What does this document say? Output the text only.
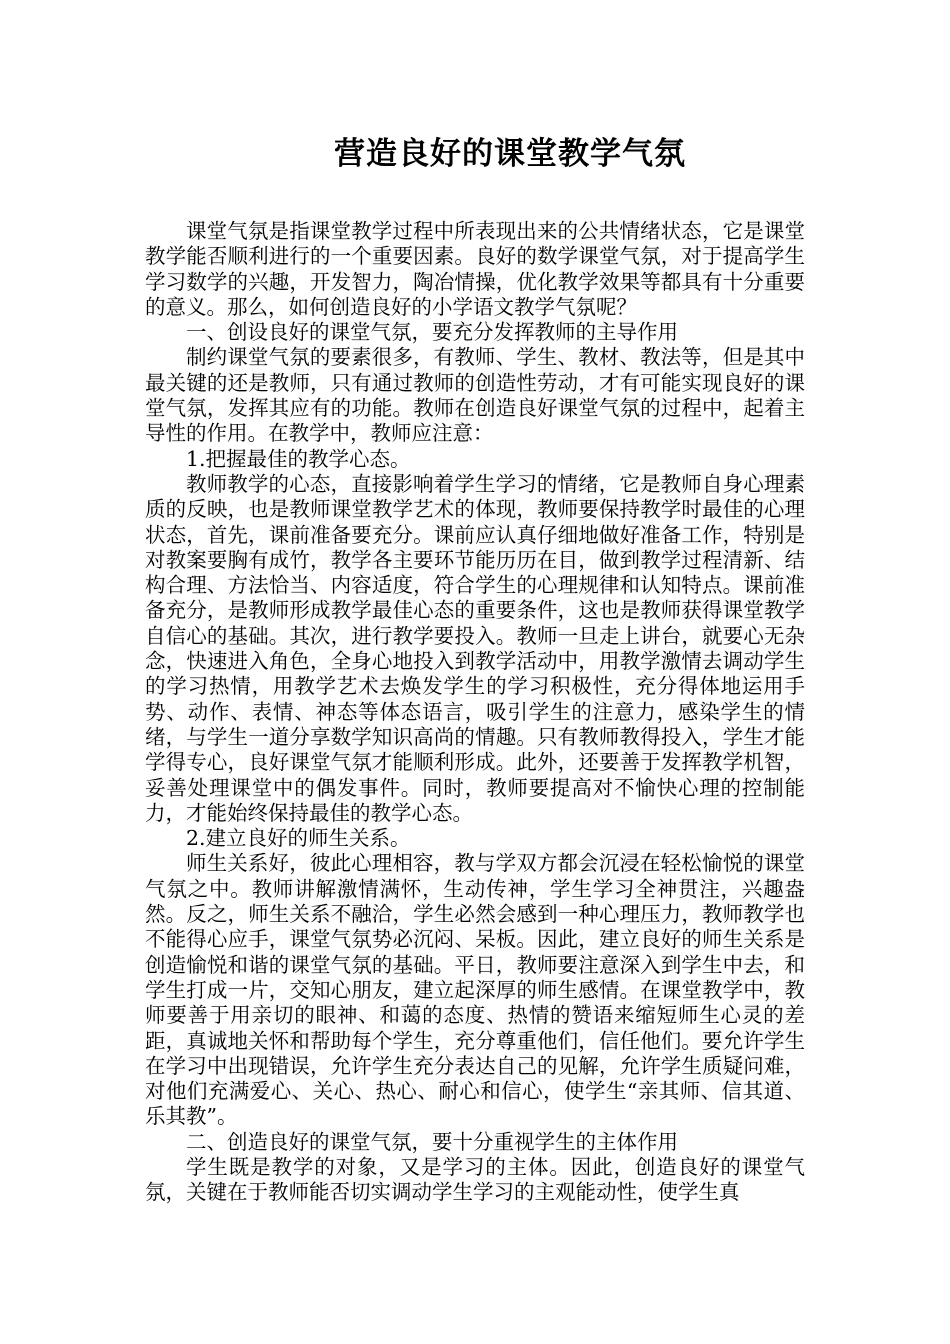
营造良好的课堂教学气氛

课堂气氛是指课堂教学过程中所表现出来的公共情绪状态，它是课堂教学能否顺利进行的一个重要因素。良好的数学课堂气氛，对于提高学生学习数学的兴趣，开发智力，陶冶情操，优化教学效果等都具有十分重要的意义。那么，如何创造良好的小学语文教学气氛呢？

一、创设良好的课堂气氛，要充分发挥教师的主导作用

制约课堂气氛的要素很多，有教师、学生、教材、教法等，但是其中最关键的还是教师，只有通过教师的创造性劳动，才有可能实现良好的课堂气氛，发挥其应有的功能。教师在创造良好课堂气氛的过程中，起着主导性的作用。在教学中，教师应注意：

1.把握最佳的教学心态。

教师教学的心态，直接影响着学生学习的情绪，它是教师自身心理素质的反映，也是教师课堂教学艺术的体现，教师要保持教学时最佳的心理状态，首先，课前准备要充分。课前应认真仔细地做好准备工作，特别是对教案要胸有成竹，教学各主要环节能历历在目，做到教学过程清新、结构合理、方法恰当、内容适度，符合学生的心理规律和认知特点。课前准备充分，是教师形成教学最佳心态的重要条件，这也是教师获得课堂教学自信心的基础。其次，进行教学要投入。教师一旦走上讲台，就要心无杂念，快速进入角色，全身心地投入到教学活动中，用教学激情去调动学生的学习热情，用教学艺术去焕发学生的学习积极性，充分得体地运用手势、动作、表情、神态等体态语言，吸引学生的注意力，感染学生的情绪，与学生一道分享数学知识高尚的情趣。只有教师教得投入，学生才能学得专心，良好课堂气氛才能顺利形成。此外，还要善于发挥教学机智，妥善处理课堂中的偶发事件。同时，教师要提高对不愉快心理的控制能力，才能始终保持最佳的教学心态。

2.建立良好的师生关系。

师生关系好，彼此心理相容，教与学双方都会沉浸在轻松愉悦的课堂气氛之中。教师讲解激情满怀，生动传神，学生学习全神贯注，兴趣盎然。反之，师生关系不融洽，学生必然会感到一种心理压力，教师教学也不能得心应手，课堂气氛势必沉闷、呆板。因此，建立良好的师生关系是创造愉悦和谐的课堂气氛的基础。平日，教师要注意深入到学生中去，和学生打成一片，交知心朋友，建立起深厚的师生感情。在课堂教学中，教师要善于用亲切的眼神、和蔼的态度、热情的赞语来缩短师生心灵的差距，真诚地关怀和帮助每个学生，充分尊重他们，信任他们。要允许学生在学习中出现错误，允许学生充分表达自己的见解，允许学生质疑问难，对他们充满爱心、关心、热心、耐心和信心，使学生“亲其师、信其道、乐其教”。

二、创造良好的课堂气氛，要十分重视学生的主体作用

学生既是教学的对象，又是学习的主体。因此，创造良好的课堂气氛，关键在于教师能否切实调动学生学习的主观能动性，使学生真
